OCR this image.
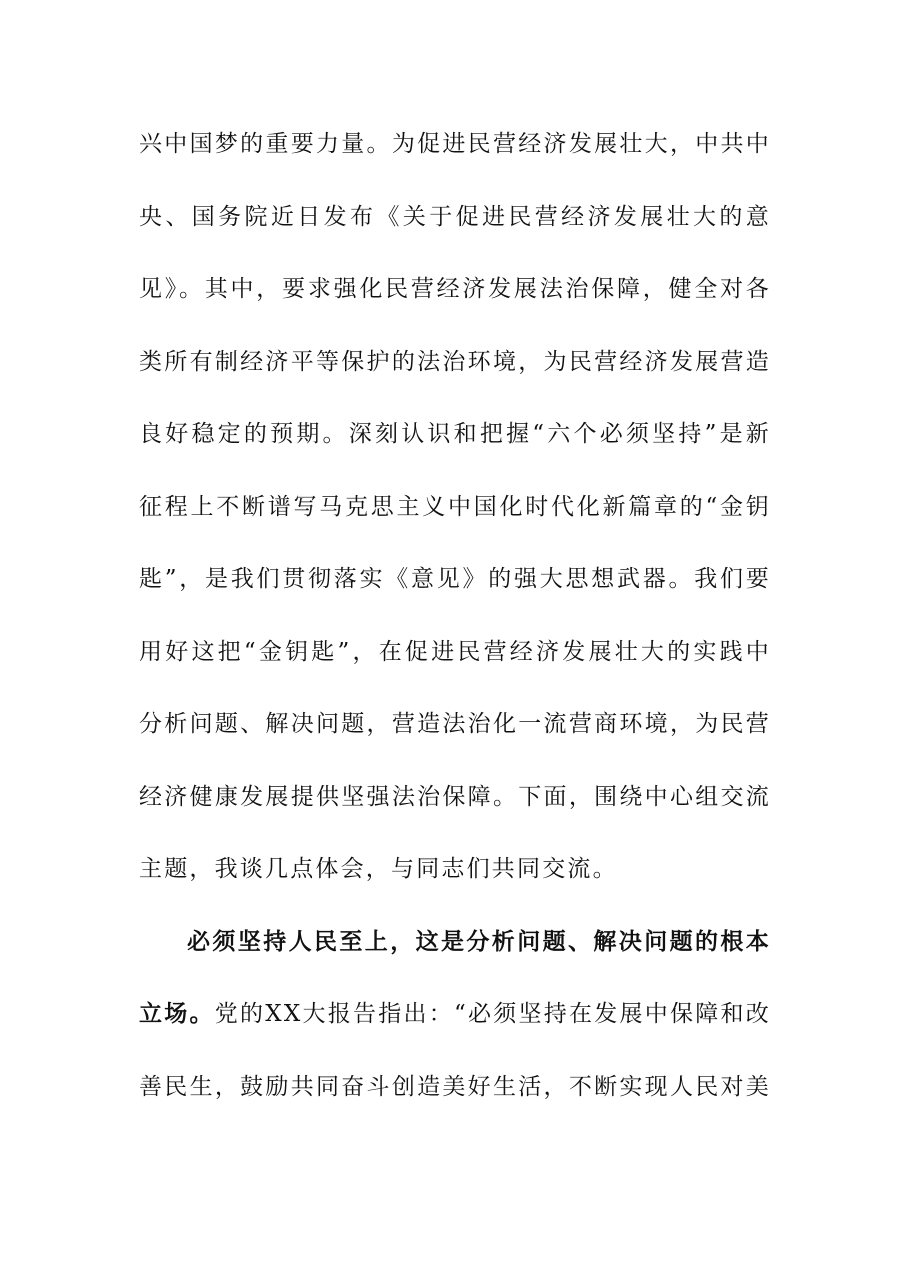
兴中国梦的重要力量。为促进民营经济发展壮大，中共中
央、国务院近日发布《关于促进民营经济发展壮大的意
见》。其中，要求强化民营经济发展法治保障，健全对各
类所有制经济平等保护的法治环境，为民营经济发展营造
良好稳定的预期。深刻认识和把握“六个必须坚持”是新
征程上不断谱写马克思主义中国化时代化新篇章的“金钥
匙”，是我们贯彻落实《意见》的强大思想武器。我们要
用好这把“金钥匙”，在促进民营经济发展壮大的实践中
分析问题、解决问题，营造法治化一流营商环境，为民营
经济健康发展提供坚强法治保障。下面，围绕中心组交流
主题，我谈几点体会，与同志们共同交流。
必须坚持人民至上，这是分析问题、解决问题的根本
立场。党的XX大报告指出：“必须坚持在发展中保障和改
善民生，鼓励共同奋斗创造美好生活，不断实现人民对美
